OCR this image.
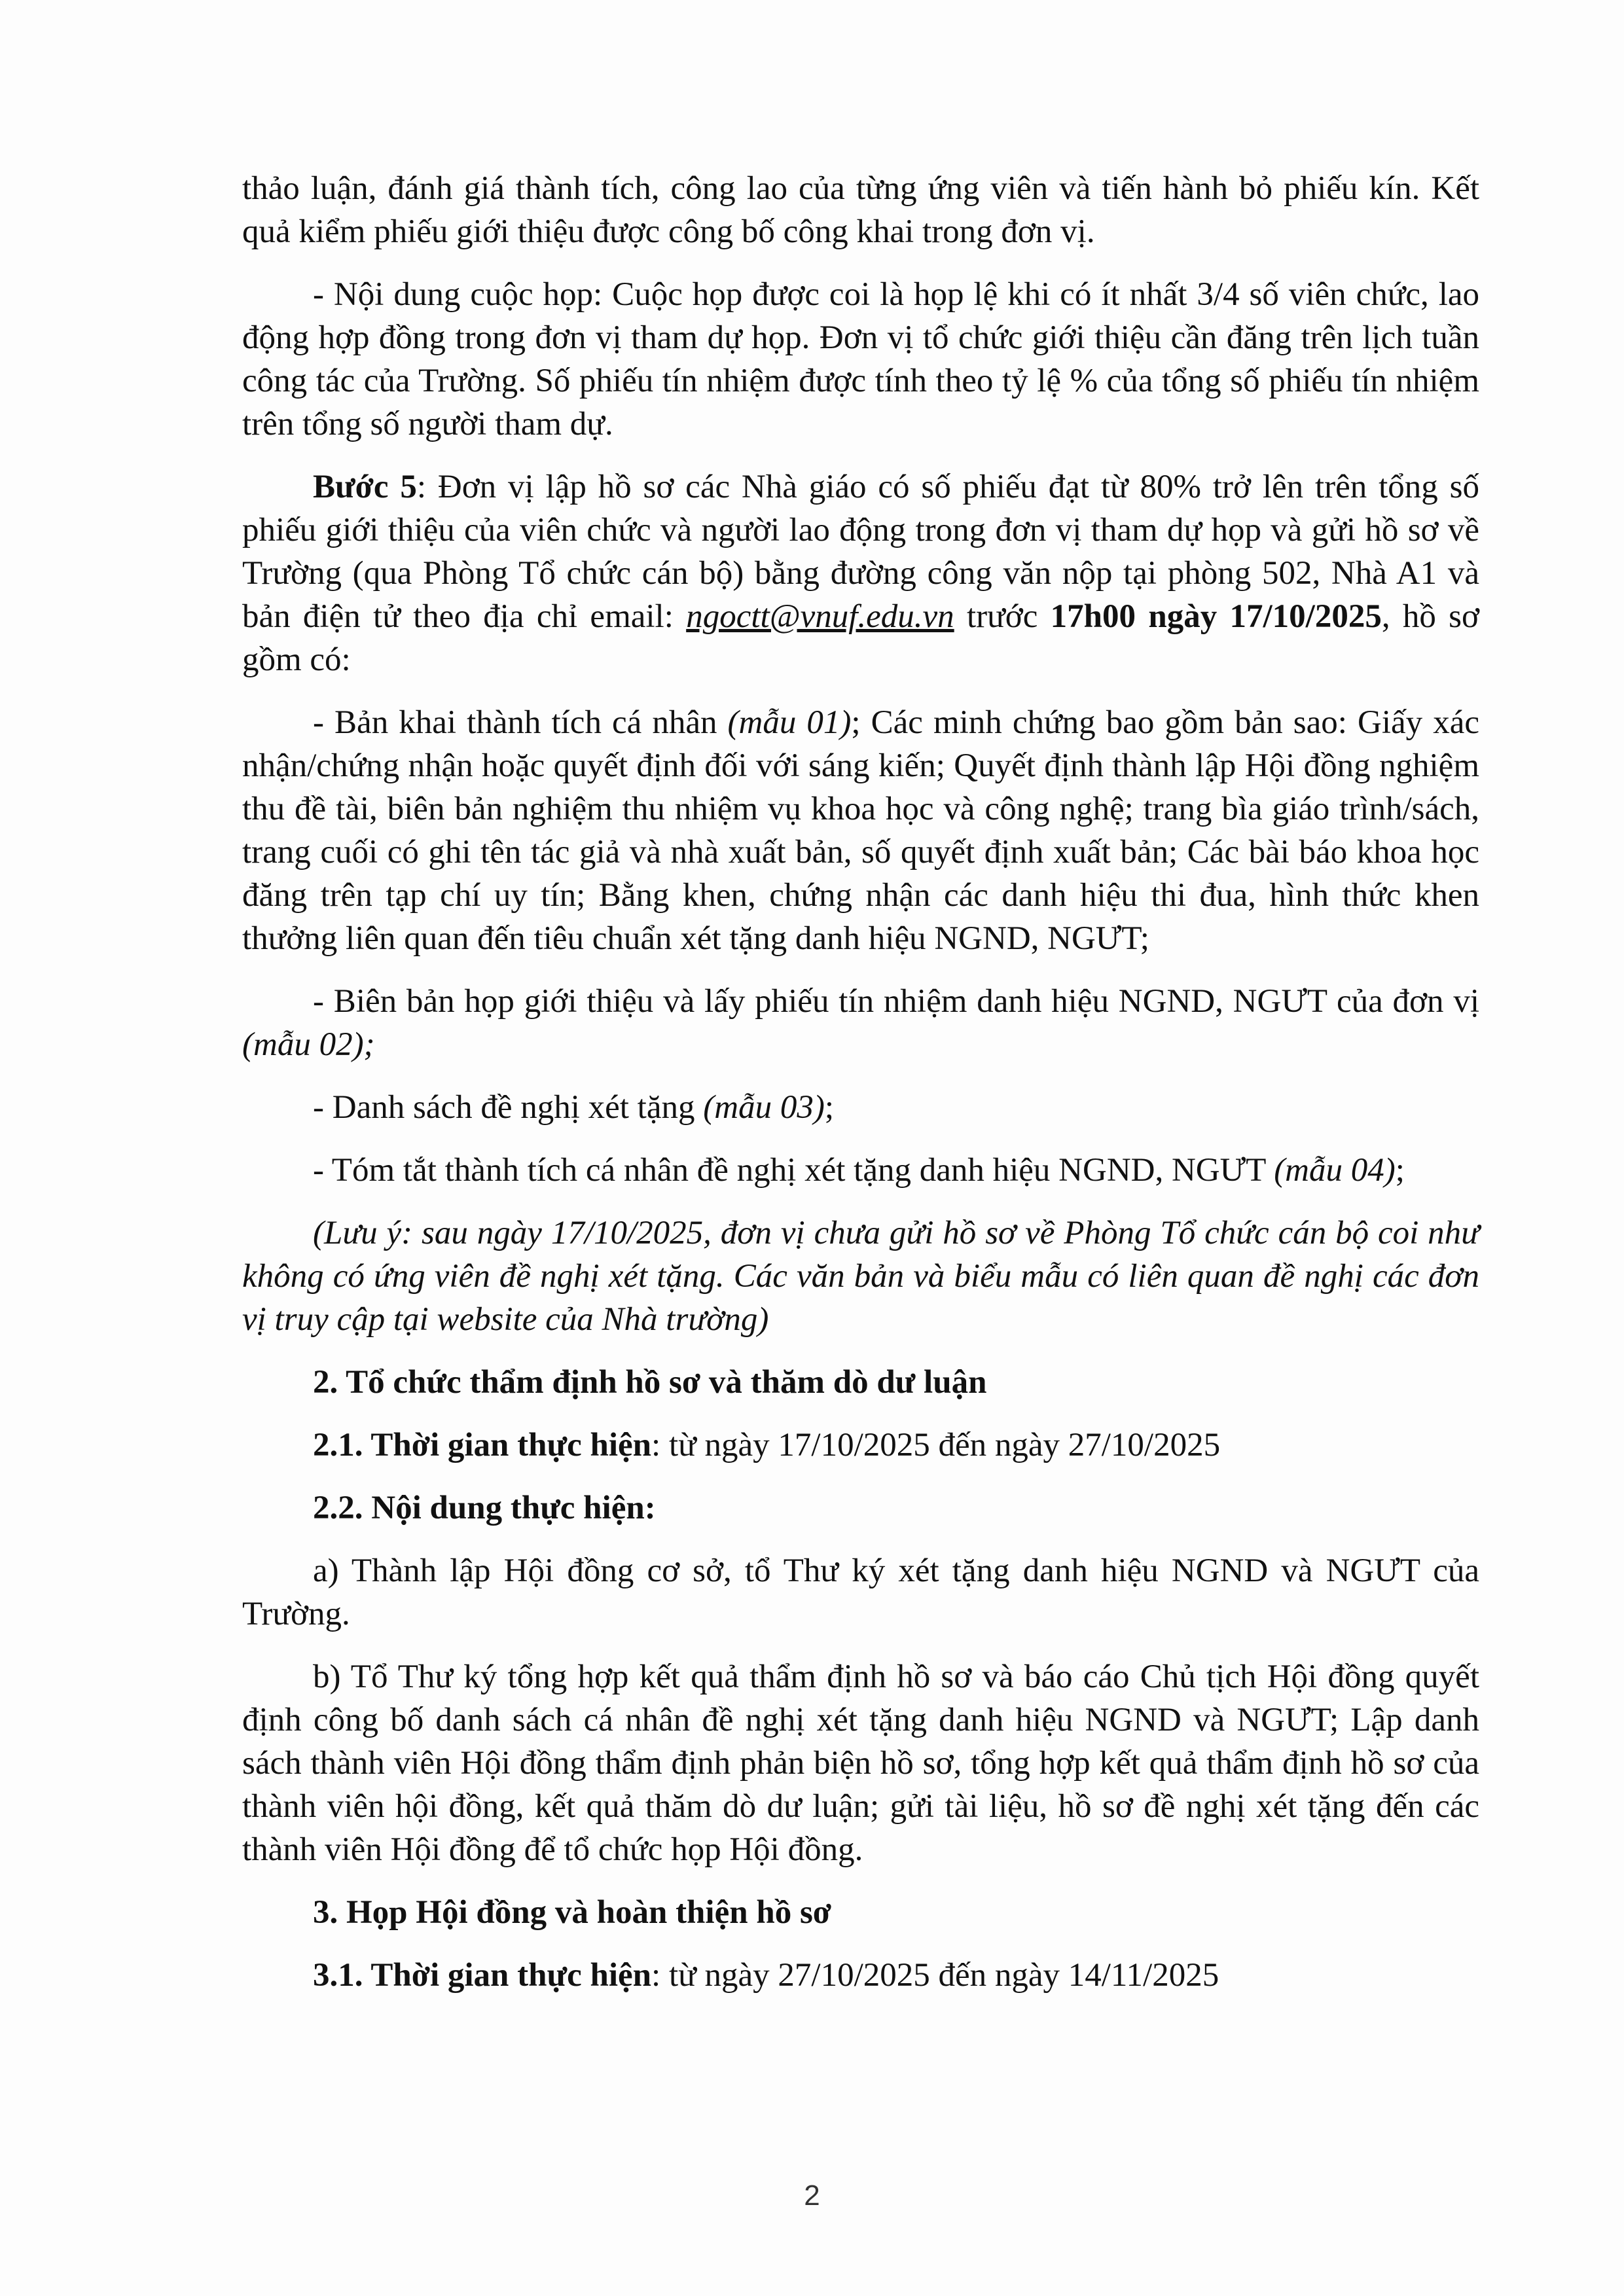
thảo luận, đánh giá thành tích, công lao của từng ứng viên và tiến hành bỏ phiếu kín. Kết quả kiểm phiếu giới thiệu được công bố công khai trong đơn vị.

- Nội dung cuộc họp: Cuộc họp được coi là họp lệ khi có ít nhất 3/4 số viên chức, lao động hợp đồng trong đơn vị tham dự họp. Đơn vị tổ chức giới thiệu cần đăng trên lịch tuần công tác của Trường. Số phiếu tín nhiệm được tính theo tỷ lệ % của tổng số phiếu tín nhiệm trên tổng số người tham dự.

Bước 5: Đơn vị lập hồ sơ các Nhà giáo có số phiếu đạt từ 80% trở lên trên tổng số phiếu giới thiệu của viên chức và người lao động trong đơn vị tham dự họp và gửi hồ sơ về Trường (qua Phòng Tổ chức cán bộ) bằng đường công văn nộp tại phòng 502, Nhà A1 và bản điện tử theo địa chỉ email: ngoctt@vnuf.edu.vn trước 17h00 ngày 17/10/2025, hồ sơ gồm có:

- Bản khai thành tích cá nhân (mẫu 01); Các minh chứng bao gồm bản sao: Giấy xác nhận/chứng nhận hoặc quyết định đối với sáng kiến; Quyết định thành lập Hội đồng nghiệm thu đề tài, biên bản nghiệm thu nhiệm vụ khoa học và công nghệ; trang bìa giáo trình/sách, trang cuối có ghi tên tác giả và nhà xuất bản, số quyết định xuất bản; Các bài báo khoa học đăng trên tạp chí uy tín; Bằng khen, chứng nhận các danh hiệu thi đua, hình thức khen thưởng liên quan đến tiêu chuẩn xét tặng danh hiệu NGND, NGƯT;

- Biên bản họp giới thiệu và lấy phiếu tín nhiệm danh hiệu NGND, NGƯT của đơn vị (mẫu 02);

- Danh sách đề nghị xét tặng (mẫu 03);

- Tóm tắt thành tích cá nhân đề nghị xét tặng danh hiệu NGND, NGƯT (mẫu 04);

(Lưu ý: sau ngày 17/10/2025, đơn vị chưa gửi hồ sơ về Phòng Tổ chức cán bộ coi như không có ứng viên đề nghị xét tặng. Các văn bản và biểu mẫu có liên quan đề nghị các đơn vị truy cập tại website của Nhà trường)

2. Tổ chức thẩm định hồ sơ và thăm dò dư luận

2.1. Thời gian thực hiện: từ ngày 17/10/2025 đến ngày 27/10/2025

2.2. Nội dung thực hiện:

a) Thành lập Hội đồng cơ sở, tổ Thư ký xét tặng danh hiệu NGND và NGƯT của Trường.

b) Tổ Thư ký tổng hợp kết quả thẩm định hồ sơ và báo cáo Chủ tịch Hội đồng quyết định công bố danh sách cá nhân đề nghị xét tặng danh hiệu NGND và NGƯT; Lập danh sách thành viên Hội đồng thẩm định phản biện hồ sơ, tổng hợp kết quả thẩm định hồ sơ của thành viên hội đồng, kết quả thăm dò dư luận; gửi tài liệu, hồ sơ đề nghị xét tặng đến các thành viên Hội đồng để tổ chức họp Hội đồng.

3. Họp Hội đồng và hoàn thiện hồ sơ

3.1. Thời gian thực hiện: từ ngày 27/10/2025 đến ngày 14/11/2025

2
